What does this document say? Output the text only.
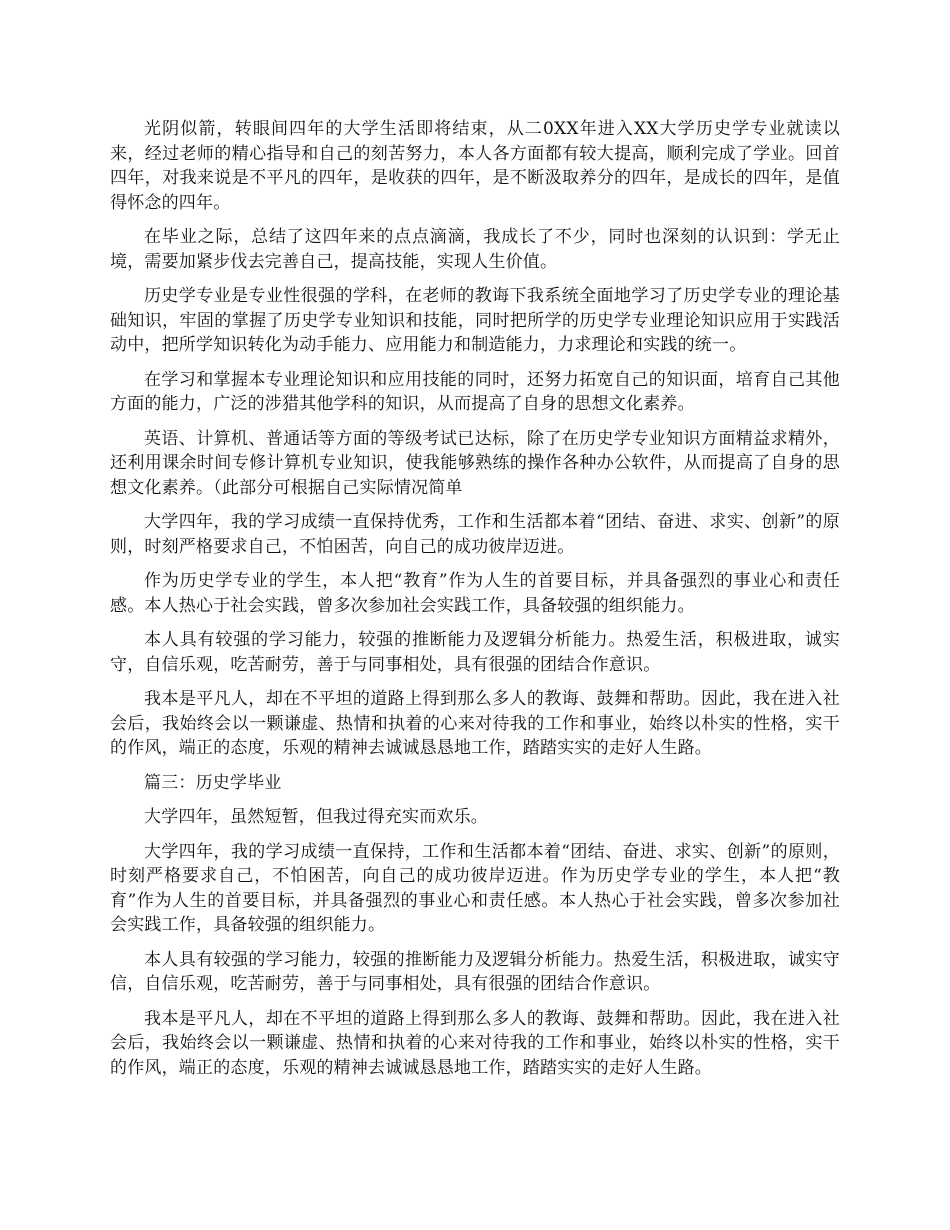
光阴似箭，转眼间四年的大学生活即将结束，从二0XX年进入XX大学历史学专业就读以来，经过老师的精心指导和自己的刻苦努力，本人各方面都有较大提高，顺利完成了学业。回首四年，对我来说是不平凡的四年，是收获的四年，是不断汲取养分的四年，是成长的四年，是值得怀念的四年。

在毕业之际，总结了这四年来的点点滴滴，我成长了不少，同时也深刻的认识到：学无止境，需要加紧步伐去完善自己，提高技能，实现人生价值。

历史学专业是专业性很强的学科，在老师的教诲下我系统全面地学习了历史学专业的理论基础知识，牢固的掌握了历史学专业知识和技能，同时把所学的历史学专业理论知识应用于实践活动中，把所学知识转化为动手能力、应用能力和制造能力，力求理论和实践的统一。

在学习和掌握本专业理论知识和应用技能的同时，还努力拓宽自己的知识面，培育自己其他方面的能力，广泛的涉猎其他学科的知识，从而提高了自身的思想文化素养。

英语、计算机、普通话等方面的等级考试已达标，除了在历史学专业知识方面精益求精外，还利用课余时间专修计算机专业知识，使我能够熟练的操作各种办公软件，从而提高了自身的思想文化素养。（此部分可根据自己实际情况简单

大学四年，我的学习成绩一直保持优秀，工作和生活都本着“团结、奋进、求实、创新”的原则，时刻严格要求自己，不怕困苦，向自己的成功彼岸迈进。

作为历史学专业的学生，本人把“教育”作为人生的首要目标，并具备强烈的事业心和责任感。本人热心于社会实践，曾多次参加社会实践工作，具备较强的组织能力。

本人具有较强的学习能力，较强的推断能力及逻辑分析能力。热爱生活，积极进取，诚实守，自信乐观，吃苦耐劳，善于与同事相处，具有很强的团结合作意识。

我本是平凡人，却在不平坦的道路上得到那么多人的教诲、鼓舞和帮助。因此，我在进入社会后，我始终会以一颗谦虚、热情和执着的心来对待我的工作和事业，始终以朴实的性格，实干的作风，端正的态度，乐观的精神去诚诚恳恳地工作，踏踏实实的走好人生路。

篇三：历史学毕业

大学四年，虽然短暂，但我过得充实而欢乐。

大学四年，我的学习成绩一直保持，工作和生活都本着“团结、奋进、求实、创新”的原则，时刻严格要求自己，不怕困苦，向自己的成功彼岸迈进。作为历史学专业的学生，本人把“教育”作为人生的首要目标，并具备强烈的事业心和责任感。本人热心于社会实践，曾多次参加社会实践工作，具备较强的组织能力。

本人具有较强的学习能力，较强的推断能力及逻辑分析能力。热爱生活，积极进取，诚实守信，自信乐观，吃苦耐劳，善于与同事相处，具有很强的团结合作意识。

我本是平凡人，却在不平坦的道路上得到那么多人的教诲、鼓舞和帮助。因此，我在进入社会后，我始终会以一颗谦虚、热情和执着的心来对待我的工作和事业，始终以朴实的性格，实干的作风，端正的态度，乐观的精神去诚诚恳恳地工作，踏踏实实的走好人生路。
